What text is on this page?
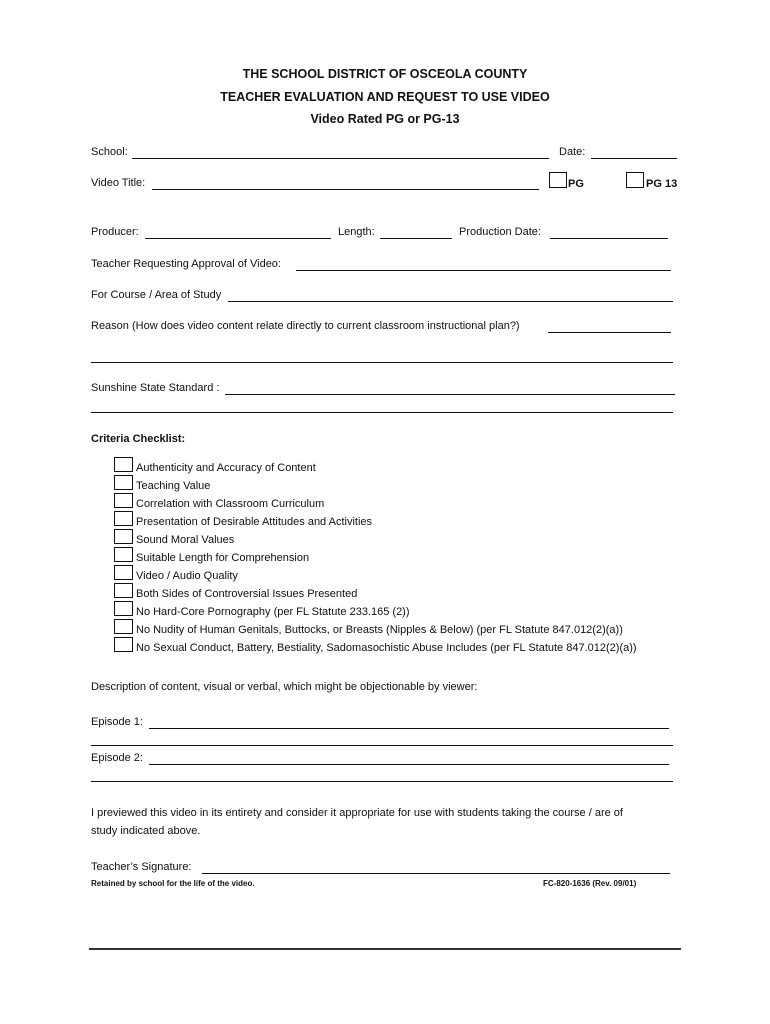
THE SCHOOL DISTRICT OF OSCEOLA COUNTY
TEACHER EVALUATION AND REQUEST TO USE VIDEO
Video Rated PG or PG-13
School:	Date:
Video Title:	PG	PG 13
Producer:	Length:	Production Date:
Teacher Requesting Approval of Video:
For Course / Area of Study
Reason (How does video content relate directly to current classroom instructional plan?)
Sunshine State Standard :
Criteria Checklist:
Authenticity and Accuracy of Content
Teaching Value
Correlation with Classroom Curriculum
Presentation of Desirable Attitudes and Activities
Sound Moral Values
Suitable Length for Comprehension
Video / Audio Quality
Both Sides of Controversial Issues Presented
No Hard-Core Pornography (per FL Statute 233.165 (2))
No Nudity of Human Genitals, Buttocks, or Breasts (Nipples & Below) (per FL Statute 847.012(2)(a))
No Sexual Conduct, Battery, Bestiality, Sadomasochistic Abuse Includes (per FL Statute 847.012(2)(a))
Description of content, visual or verbal, which might be objectionable by viewer:
Episode 1:
Episode 2:
I previewed this video in its entirety and consider it appropriate for use with students taking the course / are of
study indicated above.
Teacher’s Signature:
Retained by school for the life of the video.	FC-820-1636 (Rev. 09/01)
